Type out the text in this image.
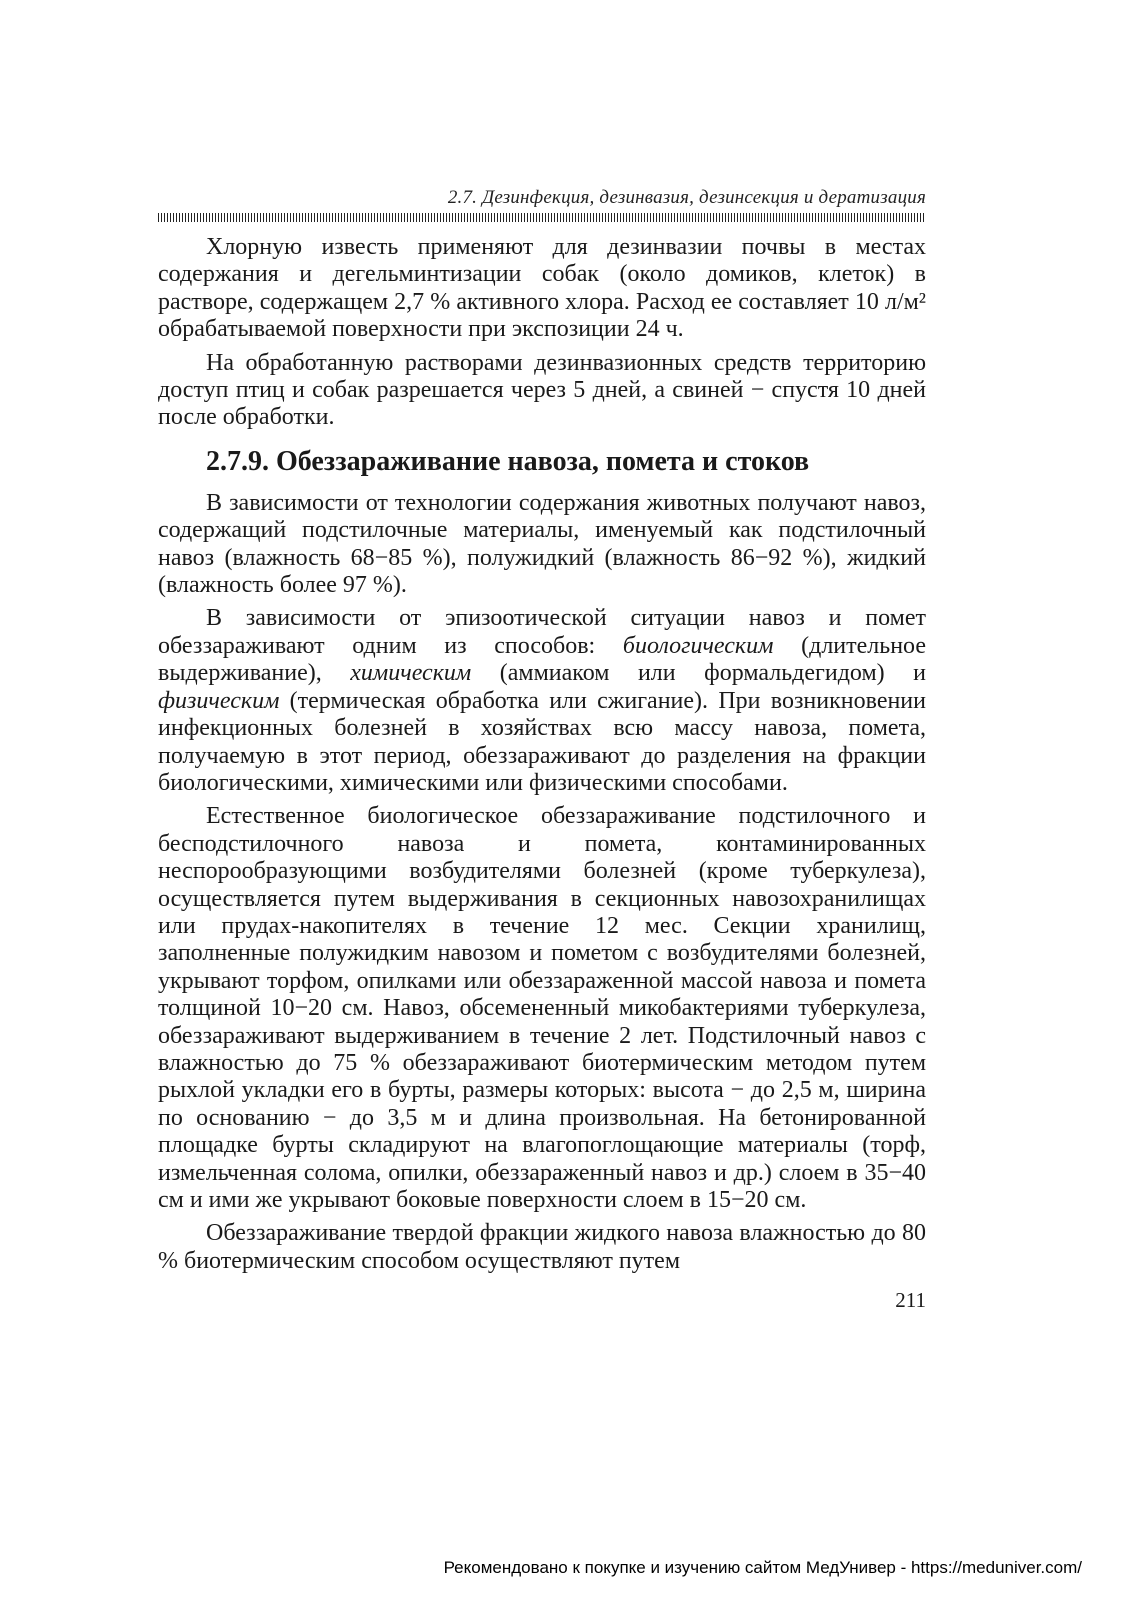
2.7. Дезинфекция, дезинвазия, дезинсекция и дератизация

Хлорную известь применяют для дезинвазии почвы в местах содержания и дегельминтизации собак (около домиков, клеток) в растворе, содержащем 2,7 % активного хлора. Расход ее составляет 10 л/м² обрабатываемой поверхности при экспозиции 24 ч.

На обработанную растворами дезинвазионных средств территорию доступ птиц и собак разрешается через 5 дней, а свиней − спустя 10 дней после обработки.

2.7.9. Обеззараживание навоза, помета и стоков

В зависимости от технологии содержания животных получают навоз, содержащий подстилочные материалы, именуемый как подстилочный навоз (влажность 68−85 %), полужидкий (влажность 86−92 %), жидкий (влажность более 97 %).

В зависимости от эпизоотической ситуации навоз и помет обеззараживают одним из способов: биологическим (длительное выдерживание), химическим (аммиаком или формальдегидом) и физическим (термическая обработка или сжигание). При возникновении инфекционных болезней в хозяйствах всю массу навоза, помета, получаемую в этот период, обеззараживают до разделения на фракции биологическими, химическими или физическими способами.

Естественное биологическое обеззараживание подстилочного и бесподстилочного навоза и помета, контаминированных неспорообразующими возбудителями болезней (кроме туберкулеза), осуществляется путем выдерживания в секционных навозохранилищах или прудах-накопителях в течение 12 мес. Секции хранилищ, заполненные полужидким навозом и пометом с возбудителями болезней, укрывают торфом, опилками или обеззараженной массой навоза и помета толщиной 10−20 см. Навоз, обсемененный микобактериями туберкулеза, обеззараживают выдерживанием в течение 2 лет. Подстилочный навоз с влажностью до 75 % обеззараживают биотермическим методом путем рыхлой укладки его в бурты, размеры которых: высота − до 2,5 м, ширина по основанию − до 3,5 м и длина произвольная. На бетонированной площадке бурты складируют на влагопоглощающие материалы (торф, измельченная солома, опилки, обеззараженный навоз и др.) слоем в 35−40 см и ими же укрывают боковые поверхности слоем в 15−20 см.

Обеззараживание твердой фракции жидкого навоза влажностью до 80 % биотермическим способом осуществляют путем

211
Рекомендовано к покупке и изучению сайтом МедУнивер - https://meduniver.com/
